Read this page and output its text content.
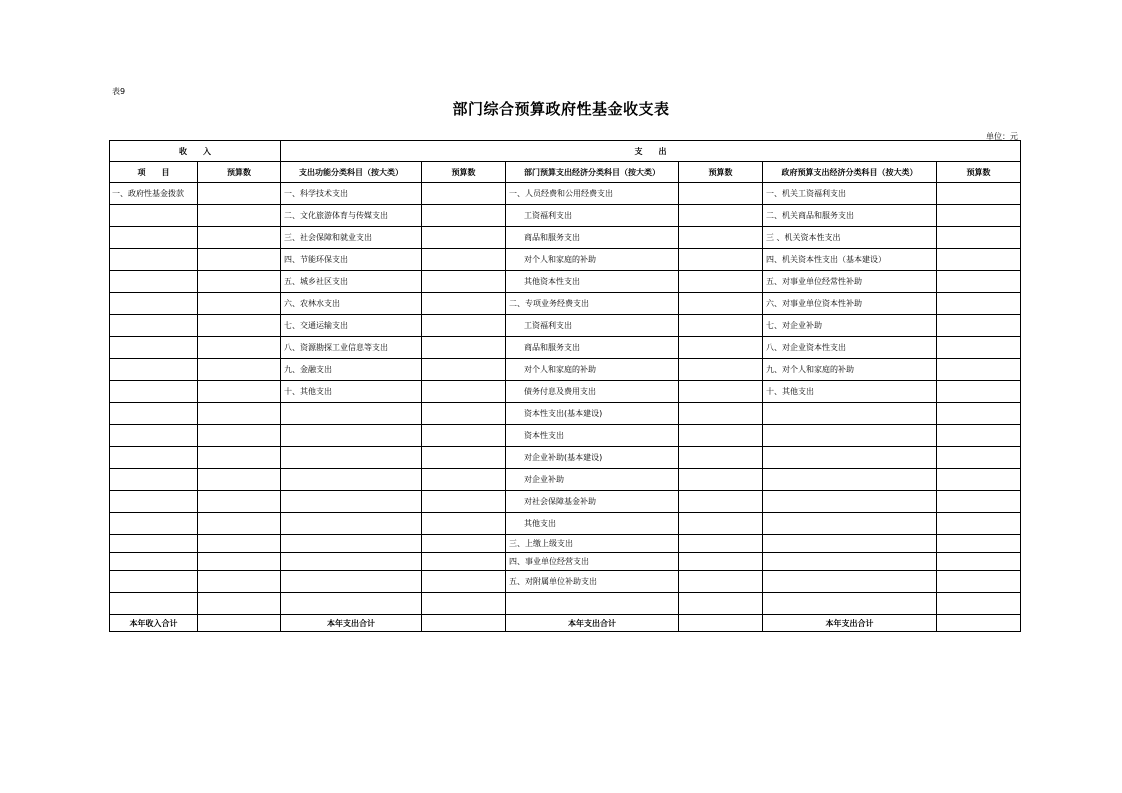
表9
部门综合预算政府性基金收支表
单位：元
收　　入		支　　出					
项　　目	预算数	支出功能分类科目（按大类）	预算数	部门预算支出经济分类科目（按大类）	预算数	政府预算支出经济分类科目（按大类）	预算数
一、政府性基金拨款		一、科学技术支出		一、人员经费和公用经费支出		一、机关工资福利支出	
		二、文化旅游体育与传媒支出		工资福利支出		二、机关商品和服务支出	
		三、社会保障和就业支出		商品和服务支出		三 、机关资本性支出	
		四、节能环保支出		对个人和家庭的补助		四、机关资本性支出（基本建设）	
		五、城乡社区支出		其他资本性支出		五、对事业单位经常性补助	
		六、农林水支出		二、专项业务经费支出		六、对事业单位资本性补助	
		七、交通运输支出		工资福利支出		七、对企业补助	
		八、资源勘探工业信息等支出		商品和服务支出		八、对企业资本性支出	
		九、金融支出		对个人和家庭的补助		九、对个人和家庭的补助	
		十、其他支出		债务付息及费用支出		十、其他支出	
				资本性支出(基本建设)			
				资本性支出			
				对企业补助(基本建设)			
				对企业补助			
				对社会保障基金补助			
				其他支出			
				三、上缴上级支出			
				四、事业单位经营支出			
				五、对附属单位补助支出			

本年收入合计		本年支出合计		本年支出合计		本年支出合计	
